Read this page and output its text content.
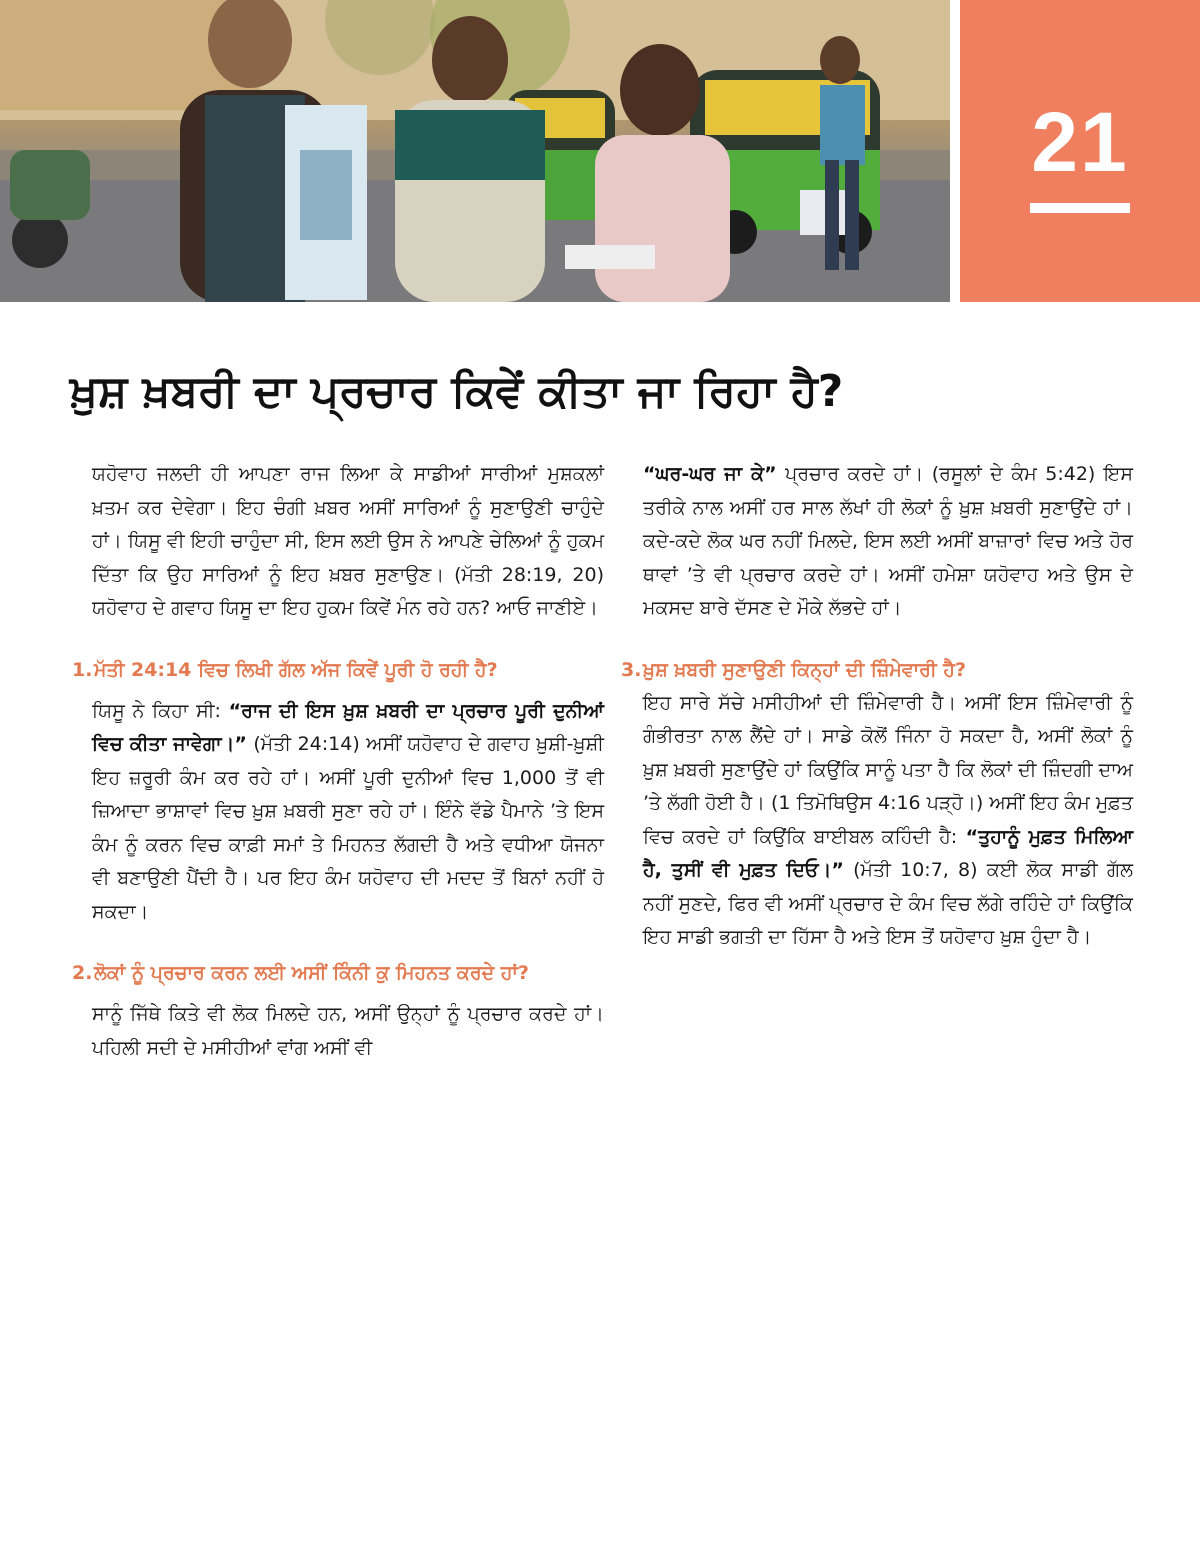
21
ਖ਼ੁਸ਼ ਖ਼ਬਰੀ ਦਾ ਪ੍ਰਚਾਰ ਕਿਵੇਂ ਕੀਤਾ ਜਾ ਰਿਹਾ ਹੈ?

ਯਹੋਵਾਹ ਜਲਦੀ ਹੀ ਆਪਣਾ ਰਾਜ ਲਿਆ ਕੇ ਸਾਡੀਆਂ ਸਾਰੀਆਂ ਮੁਸ਼ਕਲਾਂ ਖ਼ਤਮ ਕਰ ਦੇਵੇਗਾ। ਇਹ ਚੰਗੀ ਖ਼ਬਰ ਅਸੀਂ ਸਾਰਿਆਂ ਨੂੰ ਸੁਣਾਉਣੀ ਚਾਹੁੰਦੇ ਹਾਂ। ਯਿਸੂ ਵੀ ਇਹੀ ਚਾਹੁੰਦਾ ਸੀ, ਇਸ ਲਈ ਉਸ ਨੇ ਆਪਣੇ ਚੇਲਿਆਂ ਨੂੰ ਹੁਕਮ ਦਿੱਤਾ ਕਿ ਉਹ ਸਾਰਿਆਂ ਨੂੰ ਇਹ ਖ਼ਬਰ ਸੁਣਾਉਣ। (ਮੱਤੀ 28:19, 20) ਯਹੋਵਾਹ ਦੇ ਗਵਾਹ ਯਿਸੂ ਦਾ ਇਹ ਹੁਕਮ ਕਿਵੇਂ ਮੰਨ ਰਹੇ ਹਨ? ਆਓ ਜਾਣੀਏ।

1. ਮੱਤੀ 24:14 ਵਿਚ ਲਿਖੀ ਗੱਲ ਅੱਜ ਕਿਵੇਂ ਪੂਰੀ ਹੋ ਰਹੀ ਹੈ?

ਯਿਸੂ ਨੇ ਕਿਹਾ ਸੀ: “ਰਾਜ ਦੀ ਇਸ ਖ਼ੁਸ਼ ਖ਼ਬਰੀ ਦਾ ਪ੍ਰਚਾਰ ਪੂਰੀ ਦੁਨੀਆਂ ਵਿਚ ਕੀਤਾ ਜਾਵੇਗਾ।” (ਮੱਤੀ 24:14) ਅਸੀਂ ਯਹੋਵਾਹ ਦੇ ਗਵਾਹ ਖ਼ੁਸ਼ੀ-ਖ਼ੁਸ਼ੀ ਇਹ ਜ਼ਰੂਰੀ ਕੰਮ ਕਰ ਰਹੇ ਹਾਂ। ਅਸੀਂ ਪੂਰੀ ਦੁਨੀਆਂ ਵਿਚ 1,000 ਤੋਂ ਵੀ ਜ਼ਿਆਦਾ ਭਾਸ਼ਾਵਾਂ ਵਿਚ ਖ਼ੁਸ਼ ਖ਼ਬਰੀ ਸੁਣਾ ਰਹੇ ਹਾਂ। ਇੰਨੇ ਵੱਡੇ ਪੈਮਾਨੇ ’ਤੇ ਇਸ ਕੰਮ ਨੂੰ ਕਰਨ ਵਿਚ ਕਾਫ਼ੀ ਸਮਾਂ ਤੇ ਮਿਹਨਤ ਲੱਗਦੀ ਹੈ ਅਤੇ ਵਧੀਆ ਯੋਜਨਾ ਵੀ ਬਣਾਉਣੀ ਪੈਂਦੀ ਹੈ। ਪਰ ਇਹ ਕੰਮ ਯਹੋਵਾਹ ਦੀ ਮਦਦ ਤੋਂ ਬਿਨਾਂ ਨਹੀਂ ਹੋ ਸਕਦਾ।

2. ਲੋਕਾਂ ਨੂੰ ਪ੍ਰਚਾਰ ਕਰਨ ਲਈ ਅਸੀਂ ਕਿੰਨੀ ਕੁ ਮਿਹਨਤ ਕਰਦੇ ਹਾਂ?

ਸਾਨੂੰ ਜਿੱਥੇ ਕਿਤੇ ਵੀ ਲੋਕ ਮਿਲਦੇ ਹਨ, ਅਸੀਂ ਉਨ੍ਹਾਂ ਨੂੰ ਪ੍ਰਚਾਰ ਕਰਦੇ ਹਾਂ। ਪਹਿਲੀ ਸਦੀ ਦੇ ਮਸੀਹੀਆਂ ਵਾਂਗ ਅਸੀਂ ਵੀ

“ਘਰ-ਘਰ ਜਾ ਕੇ” ਪ੍ਰਚਾਰ ਕਰਦੇ ਹਾਂ। (ਰਸੂਲਾਂ ਦੇ ਕੰਮ 5:42) ਇਸ ਤਰੀਕੇ ਨਾਲ ਅਸੀਂ ਹਰ ਸਾਲ ਲੱਖਾਂ ਹੀ ਲੋਕਾਂ ਨੂੰ ਖ਼ੁਸ਼ ਖ਼ਬਰੀ ਸੁਣਾਉਂਦੇ ਹਾਂ। ਕਦੇ-ਕਦੇ ਲੋਕ ਘਰ ਨਹੀਂ ਮਿਲਦੇ, ਇਸ ਲਈ ਅਸੀਂ ਬਾਜ਼ਾਰਾਂ ਵਿਚ ਅਤੇ ਹੋਰ ਥਾਵਾਂ ’ਤੇ ਵੀ ਪ੍ਰਚਾਰ ਕਰਦੇ ਹਾਂ। ਅਸੀਂ ਹਮੇਸ਼ਾ ਯਹੋਵਾਹ ਅਤੇ ਉਸ ਦੇ ਮਕਸਦ ਬਾਰੇ ਦੱਸਣ ਦੇ ਮੌਕੇ ਲੱਭਦੇ ਹਾਂ।

3. ਖ਼ੁਸ਼ ਖ਼ਬਰੀ ਸੁਣਾਉਣੀ ਕਿਨ੍ਹਾਂ ਦੀ ਜ਼ਿੰਮੇਵਾਰੀ ਹੈ?

ਇਹ ਸਾਰੇ ਸੱਚੇ ਮਸੀਹੀਆਂ ਦੀ ਜ਼ਿੰਮੇਵਾਰੀ ਹੈ। ਅਸੀਂ ਇਸ ਜ਼ਿੰਮੇਵਾਰੀ ਨੂੰ ਗੰਭੀਰਤਾ ਨਾਲ ਲੈਂਦੇ ਹਾਂ। ਸਾਡੇ ਕੋਲੋਂ ਜਿੰਨਾ ਹੋ ਸਕਦਾ ਹੈ, ਅਸੀਂ ਲੋਕਾਂ ਨੂੰ ਖ਼ੁਸ਼ ਖ਼ਬਰੀ ਸੁਣਾਉਂਦੇ ਹਾਂ ਕਿਉਂਕਿ ਸਾਨੂੰ ਪਤਾ ਹੈ ਕਿ ਲੋਕਾਂ ਦੀ ਜ਼ਿੰਦਗੀ ਦਾਅ ’ਤੇ ਲੱਗੀ ਹੋਈ ਹੈ। (1 ਤਿਮੋਥਿਉਸ 4:16 ਪੜ੍ਹੋ।) ਅਸੀਂ ਇਹ ਕੰਮ ਮੁਫ਼ਤ ਵਿਚ ਕਰਦੇ ਹਾਂ ਕਿਉਂਕਿ ਬਾਈਬਲ ਕਹਿੰਦੀ ਹੈ: “ਤੁਹਾਨੂੰ ਮੁਫ਼ਤ ਮਿਲਿਆ ਹੈ, ਤੁਸੀਂ ਵੀ ਮੁਫ਼ਤ ਦਿਓ।” (ਮੱਤੀ 10:7, 8) ਕਈ ਲੋਕ ਸਾਡੀ ਗੱਲ ਨਹੀਂ ਸੁਣਦੇ, ਫਿਰ ਵੀ ਅਸੀਂ ਪ੍ਰਚਾਰ ਦੇ ਕੰਮ ਵਿਚ ਲੱਗੇ ਰਹਿੰਦੇ ਹਾਂ ਕਿਉਂਕਿ ਇਹ ਸਾਡੀ ਭਗਤੀ ਦਾ ਹਿੱਸਾ ਹੈ ਅਤੇ ਇਸ ਤੋਂ ਯਹੋਵਾਹ ਖ਼ੁਸ਼ ਹੁੰਦਾ ਹੈ।
